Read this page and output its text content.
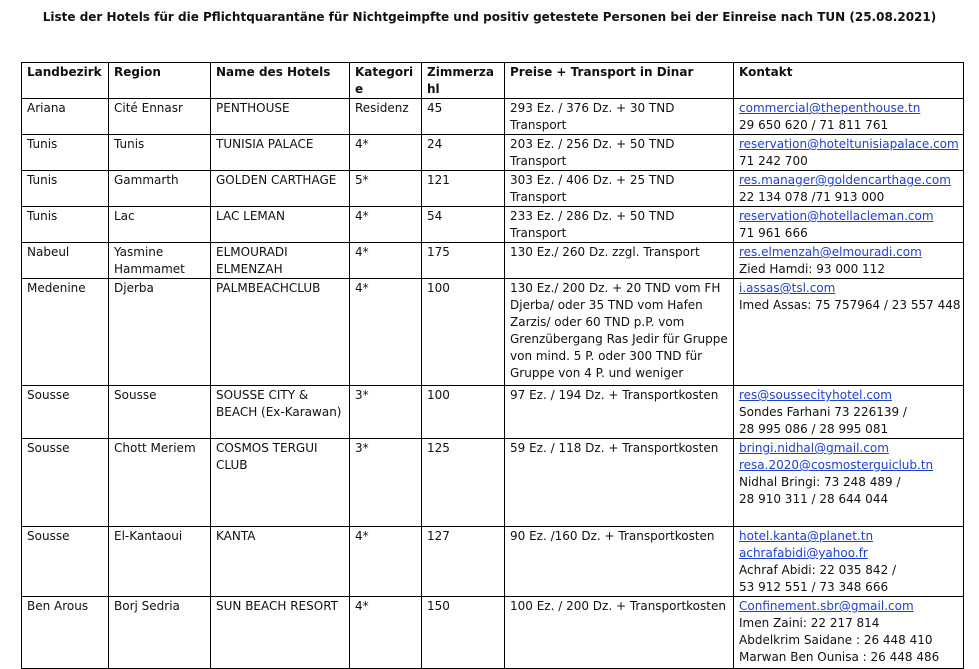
Liste der Hotels für die Pflichtquarantäne für Nichtgeimpfte und positiv getestete Personen bei der Einreise nach TUN (25.08.2021)
Landbezirk	Region	Name des Hotels	Kategorie	Zimmerzahl	Preise + Transport in Dinar	Kontakt
Ariana	Cité Ennasr	PENTHOUSE	Residenz	45	293 Ez. / 376 Dz. + 30 TND Transport	commercial@thepenthouse.tn
29 650 620 / 71 811 761

Tunis	Tunis	TUNISIA PALACE	4*	24	203 Ez. / 256 Dz. + 50 TND Transport	reservation@hoteltunisiapalace.com
71 242 700

Tunis	Gammarth	GOLDEN CARTHAGE	5*	121	303 Ez. / 406 Dz. + 25 TND Transport	res.manager@goldencarthage.com
22 134 078 /71 913 000

Tunis	Lac	LAC LEMAN	4*	54	233 Ez. / 286 Dz. + 50 TND Transport	reservation@hotellacleman.com
71 961 666

Nabeul	Yasmine Hammamet	ELMOURADI ELMENZAH	4*	175	130 Ez./ 260 Dz. zzgl. Transport	res.elmenzah@elmouradi.com
Zied Hamdi: 93 000 112

Medenine	Djerba	PALMBEACHCLUB	4*	100	130 Ez./ 200 Dz. + 20 TND vom FH Djerba/ oder 35 TND vom Hafen Zarzis/ oder 60 TND p.P. vom Grenzübergang Ras Jedir für Gruppe von mind. 5 P. oder 300 TND für Gruppe von 4 P. und weniger	i.assas@tsl.com
Imed Assas: 75 757964 / 23 557 448

Sousse	Sousse	SOUSSE CITY & BEACH (Ex-Karawan)	3*	100	97 Ez. / 194 Dz. + Transportkosten	res@soussecityhotel.com
Sondes Farhani 73 226139 /
28 995 086 / 28 995 081

Sousse	Chott Meriem	COSMOS TERGUI CLUB	3*	125	59 Ez. / 118 Dz. + Transportkosten	bringi.nidhal@gmail.com
resa.2020@cosmosterguiclub.tn
Nidhal Bringi: 73 248 489 /
28 910 311 / 28 644 044

Sousse	El-Kantaoui	KANTA	4*	127	90 Ez. /160 Dz. + Transportkosten	hotel.kanta@planet.tn
achrafabidi@yahoo.fr
Achraf Abidi: 22 035 842 /
53 912 551 / 73 348 666

Ben Arous	Borj Sedria	SUN BEACH RESORT	4*	150	100 Ez. / 200 Dz. + Transportkosten	Confinement.sbr@gmail.com
Imen Zaini: 22 217 814
Abdelkrim Saidane : 26 448 410
Marwan Ben Ounisa : 26 448 486
